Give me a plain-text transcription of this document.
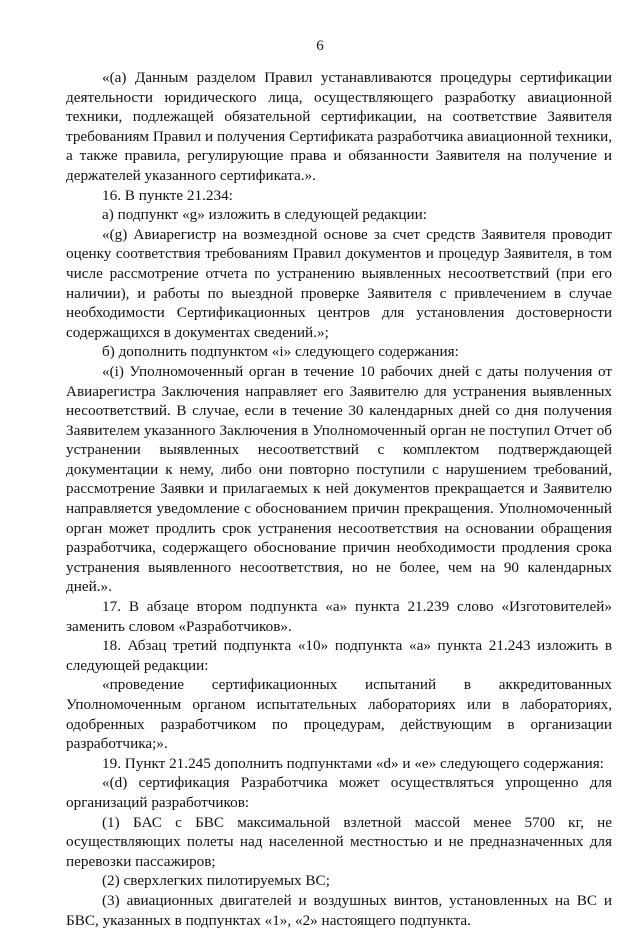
6

«(a) Данным разделом Правил устанавливаются процедуры сертификации деятельности юридического лица, осуществляющего разработку авиационной техники, подлежащей обязательной сертификации, на соответствие Заявителя требованиям Правил и получения Сертификата разработчика авиационной техники, а также правила, регулирующие права и обязанности Заявителя на получение и держателей указанного сертификата.».

16. В пункте 21.234:

а) подпункт «g» изложить в следующей редакции:

«(g) Авиарегистр на возмездной основе за счет средств Заявителя проводит оценку соответствия требованиям Правил документов и процедур Заявителя, в том числе рассмотрение отчета по устранению выявленных несоответствий (при его наличии), и работы по выездной проверке Заявителя с привлечением в случае необходимости Сертификационных центров для установления достоверности содержащихся в документах сведений.»;

б) дополнить подпунктом «i» следующего содержания:

«(i) Уполномоченный орган в течение 10 рабочих дней с даты получения от Авиарегистра Заключения направляет его Заявителю для устранения выявленных несоответствий. В случае, если в течение 30 календарных дней со дня получения Заявителем указанного Заключения в Уполномоченный орган не поступил Отчет об устранении выявленных несоответствий с комплектом подтверждающей документации к нему, либо они повторно поступили с нарушением требований, рассмотрение Заявки и прилагаемых к ней документов прекращается и Заявителю направляется уведомление с обоснованием причин прекращения. Уполномоченный орган может продлить срок устранения несоответствия на основании обращения разработчика, содержащего обоснование причин необходимости продления срока устранения выявленного несоответствия, но не более, чем на 90 календарных дней.».

17. В абзаце втором подпункта «а» пункта 21.239 слово «Изготовителей» заменить словом «Разработчиков».

18. Абзац третий подпункта «10» подпункта «а» пункта 21.243 изложить в следующей редакции:

«проведение сертификационных испытаний в аккредитованных Уполномоченным органом испытательных лабораториях или в лабораториях, одобренных разработчиком по процедурам, действующим в организации разработчика;».

19. Пункт 21.245 дополнить подпунктами «d» и «е» следующего содержания:

«(d) сертификация Разработчика может осуществляться упрощенно для организаций разработчиков:

(1) БАС с БВС максимальной взлетной массой менее 5700 кг, не осуществляющих полеты над населенной местностью и не предназначенных для перевозки пассажиров;

(2) сверхлегких пилотируемых ВС;

(3) авиационных двигателей и воздушных винтов, установленных на ВС и БВС, указанных в подпунктах «1», «2» настоящего подпункта.
